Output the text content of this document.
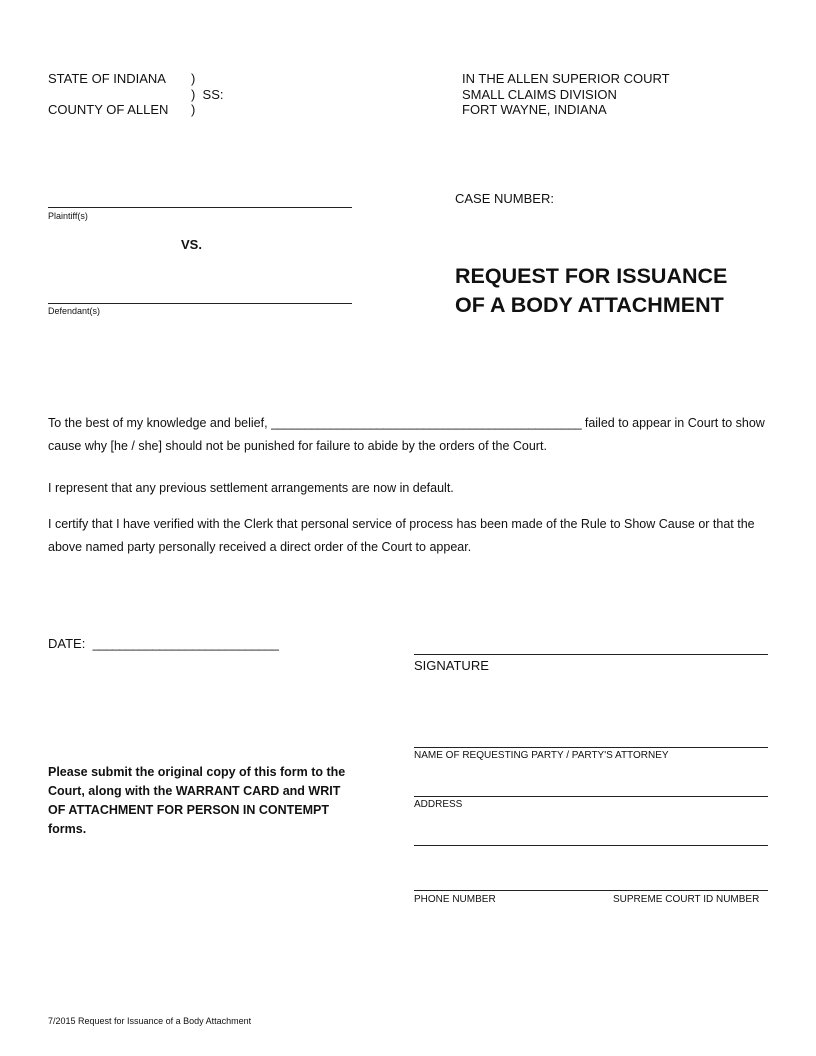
STATE OF INDIANA
COUNTY OF ALLEN
)
)  SS:
)
IN THE ALLEN SUPERIOR COURT
SMALL CLAIMS DIVISION
FORT WAYNE, INDIANA
Plaintiff(s)
VS.
Defendant(s)
CASE NUMBER:
REQUEST FOR ISSUANCE
OF A BODY ATTACHMENT
To the best of my knowledge and belief, _______________________________________________ failed to appear in Court to show cause why [he / she] should not be punished for failure to abide by the orders of the Court.
I represent that any previous settlement arrangements are now in default.
I certify that I have verified with the Clerk that personal service of process has been made of the Rule to Show Cause or that the above named party personally received a direct order of the Court to appear.
DATE: ____________________________
SIGNATURE
NAME OF REQUESTING PARTY / PARTY'S ATTORNEY
ADDRESS
PHONE NUMBER	SUPREME COURT ID NUMBER
Please submit the original copy of this form to the Court, along with the WARRANT CARD and WRIT OF ATTACHMENT FOR PERSON IN CONTEMPT forms.
7/2015 Request for Issuance of a Body Attachment
